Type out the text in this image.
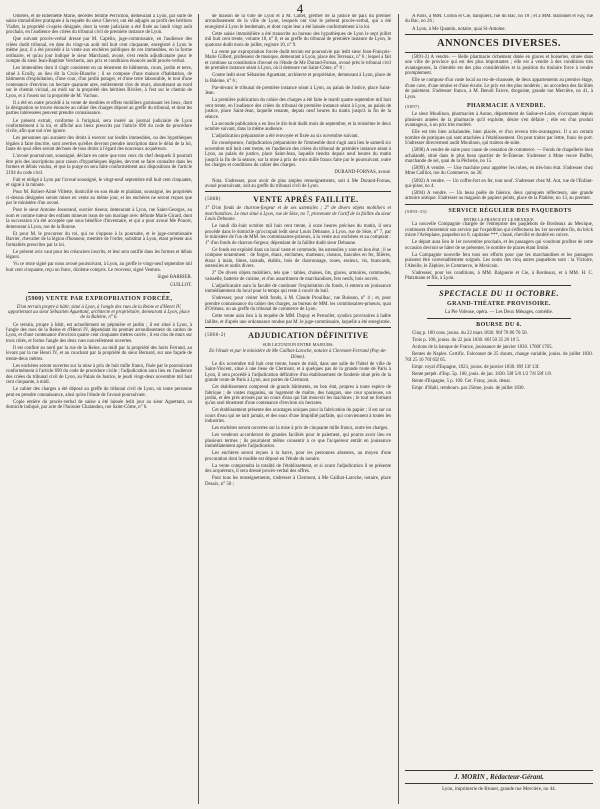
4

Ollières, et de Ribemette Marie, décédés femme Perrichon, demeurant à Lyon, par suite de saisie immobilière pratiquée à la requête du sieur Chevrel, ont été adjugés au profit des héritiers Viallet, la propriété ci-après désignée, dont la vente judiciaire a été fixée au lundi vingt août prochain, en l'audience des criées du tribunal civil de première instance de Lyon.

Que suivant procès-verbal dressé par M. Capelin, juge-commissaire, en l'audience des criées dudit tribunal, en date du vingt-un août mil huit cent cinquante, enregistré à Lyon le même jour, il a été procédé à la vente aux enchères publiques de ces immeubles, en la forme ordinaire, et qu'au jour indiqué le sieur Marchand, avoué, s'est rendu adjudicataire pour le compte du sieur Jean-Baptiste Vercherin, aux prix et conditions énoncés audit procès-verbal.

Les immeubles dont il s'agit consistent en un tènement de bâtiments, cours, jardin et terre, situé à Ecully, au lieu dit la Croix-Blanche ; il se compose d'une maison d'habitation, de bâtiments d'exploitation, d'une cour, d'un jardin potager, et d'une terre labourable, le tout d'une contenance d'environ un hectare quarante ares, entièrement clos de murs, aboutissant au nord sur le chemin vicinal, au midi sur la propriété des héritiers Rivière, à l'est sur le chemin de Lyon, et à l'ouest sur la propriété de M. Vachon.

Il a été en outre procédé à la vente de meubles et effets mobiliers garnissant les lieux, dont la désignation se trouve énoncée au cahier des charges déposé au greffe du tribunal, et dont les parties intéressées peuvent prendre connaissance.

Le présent extrait, conforme à l'original, sera inséré au journal judiciaire de Lyon conformément à la loi, et affiché aux lieux prescrits par l'article 696 du code de procédure civile, afin que nul n'en ignore.

Les personnes qui auraient des droits à exercer sur lesdits immeubles, ou des hypothèques légales à faire inscrire, sont averties qu'elles devront prendre inscription dans le délai de la loi, faute de quoi elles seront déchues de tous droits à l'égard des nouveaux acquéreurs.

L'avoué poursuivant, soussigné, déclare en outre que tous ceux du chef desquels il pourrait être pris des inscriptions pour raison d'hypothèques légales, devront se faire connaître dans les formes et délais voulus, et que la purge en sera faite conformément aux dispositions de l'article 2194 du code civil.

Fait et rédigé à Lyon par l'avoué soussigné, le vingt-neuf septembre mil huit cent cinquante, et signé à la minute.

Pour M. Robert-Aimé Villette, domicilié en son étude et plaidant, soussigné, les propriétés ci-dessus désignées seront mises en vente au même jour, et les enchères ne seront reçues que par le ministère d'un avoué.

Pour le sieur Antoine Josserand, ouvrier tisseur, demeurant à Lyon, rue Saint-Georges, au nom et comme tuteur des enfants mineurs issus de son mariage avec défunte Marie Girard, dont la succession n'a été acceptée que sous bénéfice d'inventaire, et qui a pour avoué Me Poncet, demeurant à Lyon, rue de la Bourse.

Et pour M. le procureur du roi, qui ne s'oppose à la poursuite, et le juge-commissaire Barrier, chevalier de la légion d'honneur, membre de l'ordre, substitut à Lyon, étant présent aux formalités prescrites par la loi.

Le présent avis vaut pour les créanciers inscrits, et leur sera notifié dans les formes et délais légaux.

Vu ce texte signé par nous avoué poursuivant, à Lyon, au greffe le vingt-neuf septembre mil huit cent cinquante, reçu un franc, dixième compris. Le receveur, signé Ventura.

Signé BARRIER.

GUILLOT.

(5900) VENTE PAR EXPROPRIATION FORCÉE,

D'un terrain propre à bâtir, situé à Lyon, à l'angle des rues de la Reine et d'Henri IV, appartenant au sieur Sébastien Aguettant, architecte et propriétaire, demeurant à Lyon, place de la Baleine, n° 6.

Ce terrain, propre à bâtir, est actuellement en pépinière et jardin ; il est situé à Lyon, à l'angle des rues de la Reine et d'Henri IV, dépendant du premier arrondissement du canton de Lyon, et d'une contenance d'environ quatre cent cinquante mètres carrés ; il est clos de murs sur trois côtés, et forme l'angle des deux rues nouvellement ouvertes.

Il est confiné au nord par la rue de la Reine, au midi par la propriété des hoirs Ferrand, au levant par la rue Henri IV, et au couchant par la propriété du sieur Bernard, sur une façade de trente-deux mètres.

Les enchères seront ouvertes sur la mise à prix de huit mille francs, fixée par le poursuivant conformément à l'article 690 du code de procédure civile ; l'adjudication aura lieu en l'audience des criées du tribunal civil de Lyon, au Palais de Justice, le jeudi vingt-deux novembre mil huit cent cinquante, à midi.

Le cahier des charges a été déposé au greffe du tribunal civil de Lyon, où toute personne peut en prendre connaissance, ainsi qu'en l'étude de l'avoué poursuivant.

Copie entière du procès-verbal de saisie a été laissée ledit jour au sieur Aguettant, au domicile indiqué, par acte de l'huissier Chalandon, rue Saint-Côme, n° 6.

de maison de la ville de Lyon et à M. Cattet, greffier de la justice de paix du premier arrondissement de la ville de Lyon, lesquels ont visé le présent procès-verbal, qui a été enregistré à Lyon le lendemain, et dont copie leur a été laissée conformément à la loi.

Cette saisie immobilière a été transcrite au bureau des hypothèques de Lyon le sept juillet mil huit cent trente, volume 18, n° 8, et au greffe du tribunal de première instance de Lyon, le quatorze dudit mois de juillet, registre 10, n° 9.

La vente par expropriation forcée dudit terrain est poursuivie par ledit sieur Jean-François-Marie Gilbert, professeur de musique, demeurant à Lyon, place des Terreaux, n° 6 ; lequel a fait et continue sa constitution d'avoué en l'étude de Me Durand-Fornas, avoué près le tribunal civil de première instance séant à Lyon, où il demeure rue Saint-Côme, n° 8 ;

Contre ledit sieur Sébastien Aguettant, architecte et propriétaire, demeurant à Lyon, place de la Baleine, n° 6 ;

Par-devant le tribunal de première instance séant à Lyon, au palais de Justice, place Saint-Jean.

La première publication du cahier des charges a été faite le mardi quatre septembre mil huit cent trente, en l'audience des criées du tribunal de première instance séant à Lyon, au palais de justice, place Saint-Jean, laquelle tenante, depuis neuf heures du matin jusqu'à la fin de la séance.

La seconde publication a eu lieu le dix-huit dudit mois de septembre, et la troisième le deux octobre suivant, dans la même audience.

L'adjudication préparatoire a été renvoyée et fixée au six novembre suivant.

En conséquence, l'adjudication préparatoire de l'immeuble dont s'agit aura lieu le samedi six novembre mil huit cent trente, en l'audience des criées du tribunal de première instance séant à Lyon, au palais de justice, place Saint-Jean, laquelle tiendra depuis neuf heures du matin jusqu'à la fin de la séance, sur la mise à prix de trois mille francs faite par le poursuivant, outre les charges et conditions du cahier des charges.

DURAND-FORNAS, avoué.

Nota. S'adresser, pour avoir de plus amples renseignements, soit à Me Durand-Fornas, avoué poursuivant, soit au greffe du tribunal civil de Lyon.

(5888)	VENTE APRÈS FAILLITE.

1° D'un fonds de charron-forgeur et de ses ustensiles ; 2° de divers objets mobiliers et marchandises. Le tout situé à Lyon, rue de Sèze, no 7, provenant de l'actif de la faillite du sieur Louis Debaune.

Le lundi dix-huit octobre mil huit cent trente, à onze heures précises du matin, il sera procédé dans le domicile qu'occupait ledit sieur Louis Debaune, à Lyon, rue de Sèze, n° 7, par le ministère de l'un de MM. les commissaires-priseurs, à la vente aux enchères et au comptant : 1° d'un fonds de charron-forgeur, dépendant de la faillite dudit sieur Debaune.

Ce fonds est exploité dans un local vaste et commode, les ustensiles y sont en bon état ; il se compose notamment : de forges, étaux, enclumes, marteaux, ciseaux, bascules en fer, filières, étaux à main, limes, tarauds, établis, bois de charronnage, roues, essieux, vis, brancards, ustensiles et outils divers.

2° De divers objets mobiliers, tels que : tables, chaises, lits, glaces, armoires, commodes, vaisselle, batterie de cuisine, et d'un assortiment de marchandises, fers neufs, bois ouvrés.

L'adjudicataire aura la faculté de continuer l'exploitation du fonds, il entrera en jouissance immédiatement du local pour le temps qui reste à courir du bail.

S'adresser, pour visiter ledit fonds, à M. Claude Prouilhac, rue Buisson, n° 4 ; et, pour prendre connaissance du cahier des charges, au bureau de MM. les commissaires-priseurs, quai d'Orléans, ou au greffe du tribunal de commerce de Lyon.

Cette vente aura lieu à la requête de MM. Dupuy et Pernollet, syndics provisoires à ladite faillite, et d'après une ordonnance rendue par M. le juge-commissaire, laquelle a été enregistrée.

(5866-2)	ADJUDICATION DÉFINITIVE

SUR LICITATION ENTRE MAJEURS,

En l'étude et par le ministère de Me Cailhat-Laroche, notaire à Clermont-Ferrand (Puy-de-Dôme).

Le dix novembre mil huit cent trente, heure de midi, dans une salle de l'hôtel de ville de Saint-Vincent, situé à une lieue de Clermont, et à quelques pas de la grande route de Paris à Lyon, il sera procédé à l'adjudication définitive d'un établissement de fonderie situé près de la grande route de Paris à Lyon, aux portes de Clermont.

Cet établissement comprend de grands bâtiments, en bon état, propres à toute espèce de fabrique ; de vastes magasins, un logement de maître, des hangars, une cour spacieuse, un jardin, et des prés arrosés par un cours d'eau qui fait mouvoir les machines ; le tout ne formant qu'un seul tènement d'une contenance d'environ six hectares.

Cet établissement présente des avantages uniques pour la fabrication du papier ; il est sur un cours d'eau qui ne tarit jamais, et des eaux d'une limpidité parfaite, qui conviennent à toutes les industries.

Les enchères seront ouvertes sur la mise à prix de cinquante mille francs, outre les charges.

Les vendeurs accorderont de grandes facilités pour le paiement, qui pourra avoir lieu en plusieurs termes ; ils pourraient même consentir à ce que l'acquéreur entrât en jouissance immédiatement après l'adjudication.

Les enchères seront reçues à la barre, pour les personnes absentes, au moyen d'une procuration dont le modèle est déposé en l'étude du notaire.

La vente comprendra la totalité de l'établissement, et si avant l'adjudication il se présente des acquéreurs, il sera dressé procès-verbal des offres.

Pour tous les renseignements, s'adresser à Clermont, à Me Cailhat-Laroche, notaire, place Desaix, n° 50 ;

A Paris, à MM. Collon et Cie, banquiers, rue du Bac, no 18 ; et à MM. Baronnet et Fay, rue du Bac, no 26 ;

A Lyon, à Me Quantin, notaire, quai St-Antoine.

ANNONCES DIVERSES.

(5891-2) A vendre. — Belle pharmacie richement dotée en glaces et boiseries, située dans une ville de province qui est des plus importantes ; elle est à vendre à des conditions très avantageuses, la clientèle est des plus considérables et la position du titulaire force à vendre promptement.

Elle se compose d'un vaste local au rez-de-chaussée, de deux appartements au premier étage, d'une cave, d'une remise et d'une écurie. Le prix est des plus modérés ; on accordera des facilités de paiement. S'adresser franco, à M. Benoît Faivre, droguiste, grande rue Mercière, no 41, à Lyon.

(5897)	PHARMACIE A VENDRE.

Le sieur Moulinon, pharmacien à Autun, département de Saône-et-Loire, n'occupant depuis plusieurs années de la pharmacie qu'il exploite, désire s'en défaire ; elle est d'un produit avantageux, à un prix très modéré.

Elle est très bien achalandée, bien placée, et d'un revenu très-avantageux. Il a un certain nombre de pratiques qui sont attachées à l'établissement. On peut traiter par lettre, franc de port. S'adresser directement audit Moulinon, qui traitera de suite.

(5898) A vendre de suite pour cause de cessation de commerce. — Fonds de chapellerie bien achalandé, situé dans le plus beau quartier de St-Étienne. S'adresser à Mme veuve Buffet, marchande de sel, quai de la Pêcherie, no 15.

(5899) A vendre. — Une machine pour apprêter les robes, en très-bon état. S'adresser chez Mme Cailliot, rue du Commerce, no 20.

(5892) A vendre. — Un coffre-fort en fer, tout neuf. S'adresser chez M. Aut, rue de l'Enfant-qui-pisse, no 4.

(5894) A vendre. — Un beau poêle de faïence, deux quinquets réflecteurs, une grande armoire antique. S'adresser au magasin de papiers peints, place de la Platière, no 13, au premier.

(5893-33)	SERVICE RÉGULIER DES PAQUEBOTS
ENTRE LA FRANCE ET LE MEXIQUE.

La nouvelle Compagnie chargée de l'entreprise des paquebots de Bordeaux au Mexique, continuera d'entretenir son service par l'expédition qui s'effectuera les 1er novembre fin, du brick mixte l'Aréoplane, paquebot no 8, capitaine ***, classé, chevillé et doublé en cuivre.

Le départ aura lieu le 1er novembre prochain, et les passagers qui voudront profiter de cette occasion devront se hâter de se présenter, le nombre de places étant limité.

La Compagnie nouvelle fera tous ses efforts pour que les marchandises et les passagers puissent être convenablement soignés. Les noms des cinq autres paquebots sont : la Victoire, l'Abeille, le Zéphire, le Commerce, le Mexicain.

S'adresser, pour les conditions, à MM. Balguerie et Cie, à Bordeaux, et à MM. H. C. Platzmann et fils, à Lyon.

SPECTACLE DU 11 OCTOBRE.
GRAND-THÉATRE PROVISOIRE.

La Pie Voleuse, opéra. — Les Deux Ménages, comédie.

BOURSE DU 6.

Cinq p. 100 cons. jouiss. du 22 mars 1830. 96f 70 80 70 50.

Trois p. 100, jouiss. du 22 juin 1830. 66f 50 35 20 10 5.

Actions de la banque de France, jouissance de janvier 1830. 1760f 1765.

Rentes de Naples. Certific. Falconnet de 25 ducats, change variable, jouiss. de juillet 1830. 76f 25 10 76f 65f 65.

Empr. royal d'Espagne, 1823, jouiss. de janvier 1830. 69f 13f 13f.

Rente perpét. d'Esp. 5p. 100, jouis. de jan. 1830. 58f 5/8 1/2 7/8 58f 1/8.

Rente d'Espagne, 5 p. 100. Cer. Franç. jouis. denai.

Empr. d'Haïti, rembours. par 25ème, jouis. de juillet 1830.

J. MORIN , Rédacteur-Gérant.
Lyon, imprimerie de Brunet, grande rue Mercière, no 44.
